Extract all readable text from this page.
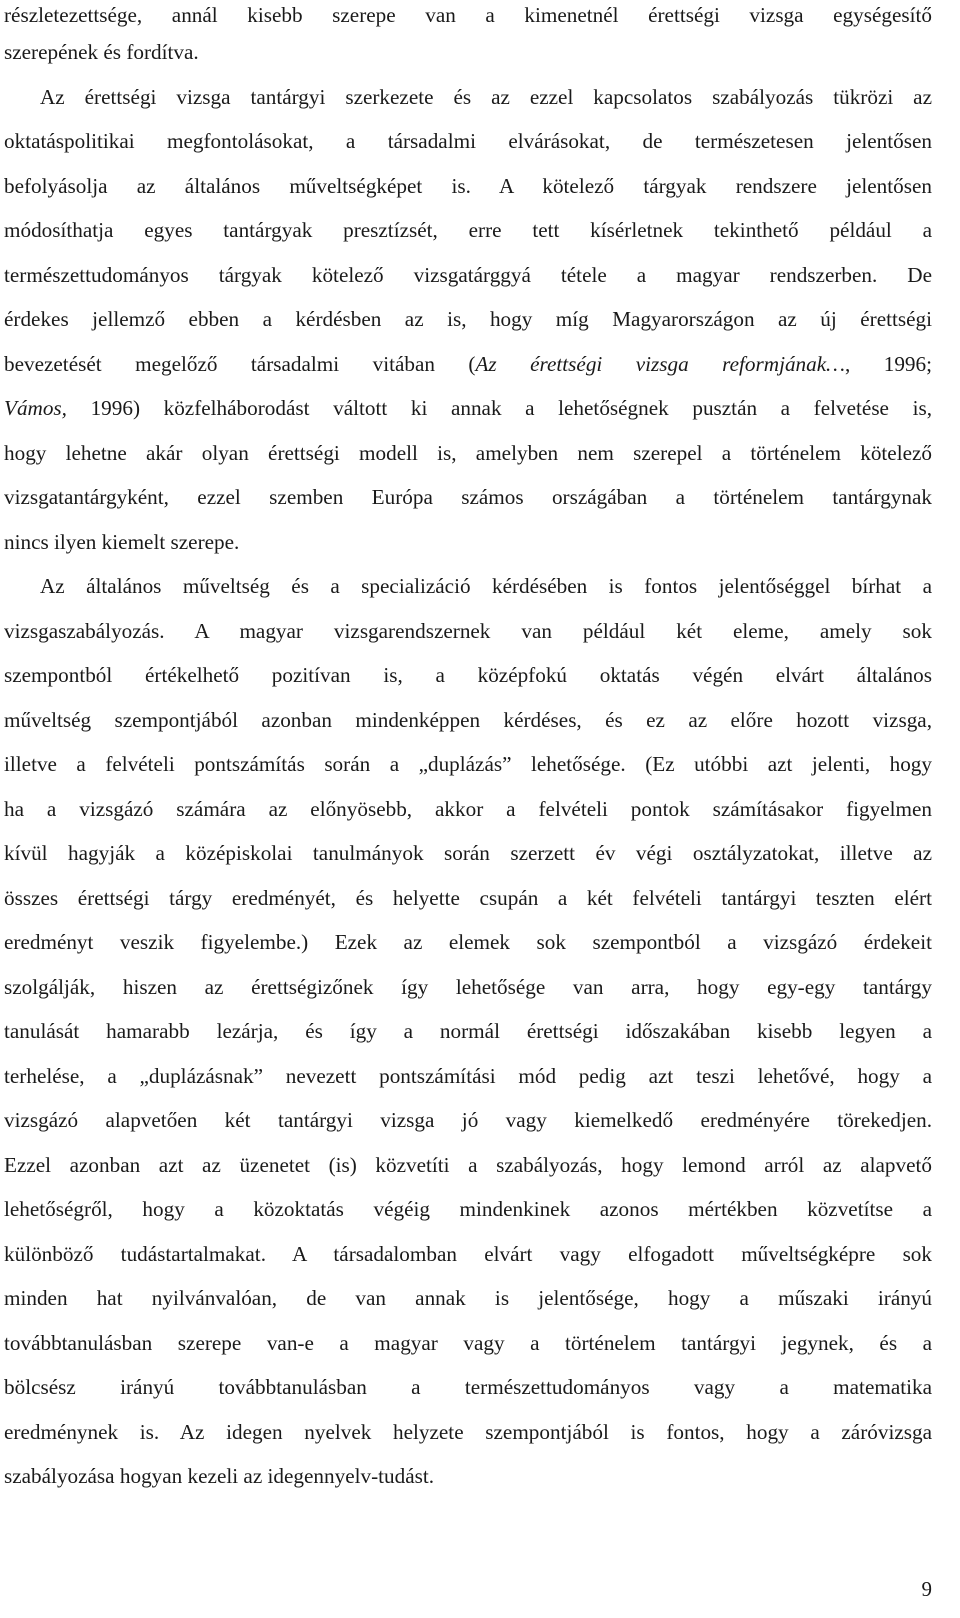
részletezettsége, annál kisebb szerepe van a kimenetnél érettségi vizsga egységesítő
szerepének és fordítva.
Az érettségi vizsga tantárgyi szerkezete és az ezzel kapcsolatos szabályozás tükrözi az
oktatáspolitikai megfontolásokat, a társadalmi elvárásokat, de természetesen jelentősen
befolyásolja az általános műveltségképet is. A kötelező tárgyak rendszere jelentősen
módosíthatja egyes tantárgyak presztízsét, erre tett kísérletnek tekinthető például a
természettudományos tárgyak kötelező vizsgatárggyá tétele a magyar rendszerben. De
érdekes jellemző ebben a kérdésben az is, hogy míg Magyarországon az új érettségi
bevezetését megelőző társadalmi vitában (Az érettségi vizsga reformjának…, 1996;
Vámos, 1996) közfelháborodást váltott ki annak a lehetőségnek pusztán a felvetése is,
hogy lehetne akár olyan érettségi modell is, amelyben nem szerepel a történelem kötelező
vizsgatantárgyként, ezzel szemben Európa számos országában a történelem tantárgynak
nincs ilyen kiemelt szerepe.
Az általános műveltség és a specializáció kérdésében is fontos jelentőséggel bírhat a
vizsgaszabályozás. A magyar vizsgarendszernek van például két eleme, amely sok
szempontból értékelhető pozitívan is, a középfokú oktatás végén elvárt általános
műveltség szempontjából azonban mindenképpen kérdéses, és ez az előre hozott vizsga,
illetve a felvételi pontszámítás során a „duplázás” lehetősége. (Ez utóbbi azt jelenti, hogy
ha a vizsgázó számára az előnyösebb, akkor a felvételi pontok számításakor figyelmen
kívül hagyják a középiskolai tanulmányok során szerzett év végi osztályzatokat, illetve az
összes érettségi tárgy eredményét, és helyette csupán a két felvételi tantárgyi teszten elért
eredményt veszik figyelembe.) Ezek az elemek sok szempontból a vizsgázó érdekeit
szolgálják, hiszen az érettségizőnek így lehetősége van arra, hogy egy-egy tantárgy
tanulását hamarabb lezárja, és így a normál érettségi időszakában kisebb legyen a
terhelése, a „duplázásnak” nevezett pontszámítási mód pedig azt teszi lehetővé, hogy a
vizsgázó alapvetően két tantárgyi vizsga jó vagy kiemelkedő eredményére törekedjen.
Ezzel azonban azt az üzenetet (is) közvetíti a szabályozás, hogy lemond arról az alapvető
lehetőségről, hogy a közoktatás végéig mindenkinek azonos mértékben közvetítse a
különböző tudástartalmakat. A társadalomban elvárt vagy elfogadott műveltségképre sok
minden hat nyilvánvalóan, de van annak is jelentősége, hogy a műszaki irányú
továbbtanulásban szerepe van-e a magyar vagy a történelem tantárgyi jegynek, és a
bölcsész irányú továbbtanulásban a természettudományos vagy a matematika
eredménynek is. Az idegen nyelvek helyzete szempontjából is fontos, hogy a záróvizsga
szabályozása hogyan kezeli az idegennyelv-tudást.
9
